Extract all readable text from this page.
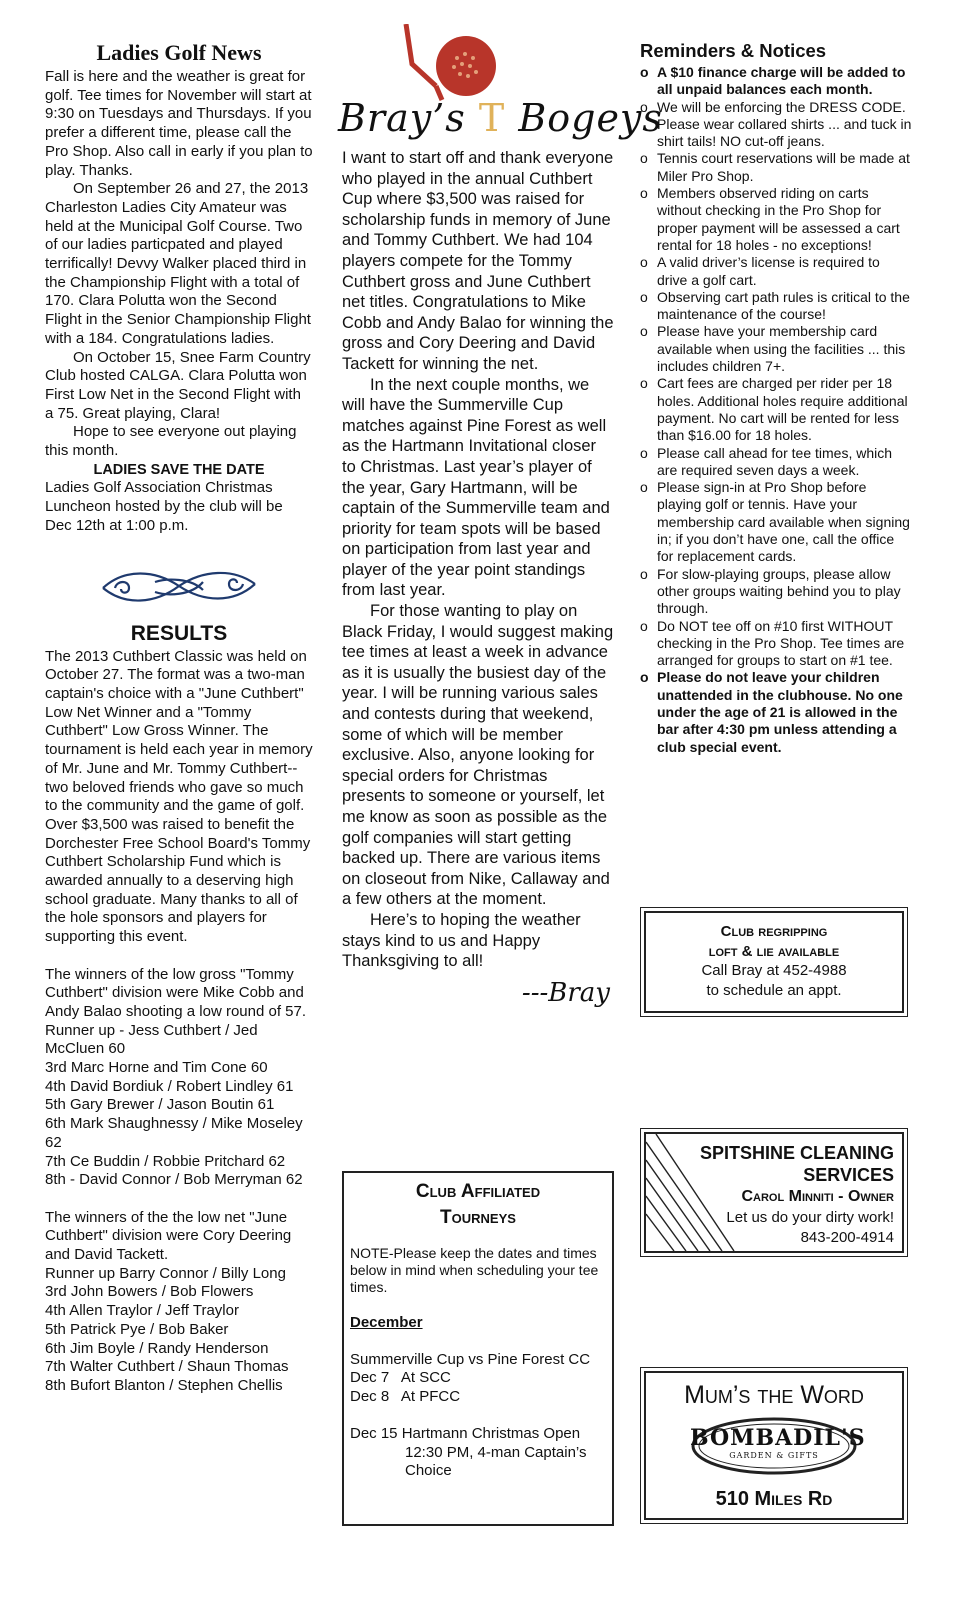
Ladies Golf News

Fall is here and the weather is great for golf. Tee times for November will start at 9:30 on Tuesdays and Thursdays. If you prefer a different time, please call the Pro Shop. Also call in early if you plan to play. Thanks.

On September 26 and 27, the 2013 Charleston Ladies City Amateur was held at the Municipal Golf Course. Two of our ladies particpated and played terrifically! Devvy Walker placed third in the Championship Flight with a total of 170. Clara Polutta won the Second Flight in the Senior Championship Flight with a 184. Congratulations ladies.

On October 15, Snee Farm Country Club hosted CALGA. Clara Polutta won First Low Net in the Second Flight with a 75. Great playing, Clara!

Hope to see everyone out playing this month.

LADIES SAVE THE DATE

Ladies Golf Association Christmas Luncheon hosted by the club will be Dec 12th at 1:00 p.m.

RESULTS

The 2013 Cuthbert Classic was held on October 27. The format was a two-man captain's choice with a "June Cuthbert" Low Net Winner and a "Tommy Cuthbert" Low Gross Winner. The tournament is held each year in memory of Mr. June and Mr. Tommy Cuthbert--two beloved friends who gave so much to the community and the game of golf. Over $3,500 was raised to benefit the Dorchester Free School Board's Tommy Cuthbert Scholarship Fund which is awarded annually to a deserving high school graduate. Many thanks to all of the hole sponsors and players for supporting this event.

The winners of the low gross "Tommy Cuthbert" division were Mike Cobb and Andy Balao shooting a low round of 57.

Runner up - Jess Cuthbert / Jed McCluen 60
3rd Marc Horne and Tim Cone 60
4th David Bordiuk / Robert Lindley 61
5th Gary Brewer / Jason Boutin 61
6th Mark Shaughnessy / Mike Moseley 62
7th Ce Buddin / Robbie Pritchard 62
8th - David Connor / Bob Merryman 62

The winners of the the low net "June Cuthbert" division were Cory Deering and David Tackett.

Runner up Barry Connor / Billy Long
3rd John Bowers / Bob Flowers
4th Allen Traylor / Jeff Traylor
5th Patrick Pye / Bob Baker
6th Jim Boyle / Randy Henderson
7th Walter Cuthbert / Shaun Thomas
8th Bufort Blanton / Stephen Chellis
Bray’s T Bogeys

I want to start off and thank everyone who played in the annual Cuthbert Cup where $3,500 was raised for scholarship funds in memory of June and Tommy Cuthbert. We had 104 players compete for the Tommy Cuthbert gross and June Cuthbert net titles. Congratulations to Mike Cobb and Andy Balao for winning the gross and Cory Deering and David Tackett for winning the net.

In the next couple months, we will have the Summerville Cup matches against Pine Forest as well as the Hartmann Invitational closer to Christmas. Last year’s player of the year, Gary Hartmann, will be captain of the Summerville team and priority for team spots will be based on participation from last year and player of the year point standings from last year.

For those wanting to play on Black Friday, I would suggest making tee times at least a week in advance as it is usually the busiest day of the year. I will be running various sales and contests during that weekend, some of which will be member exclusive. Also, anyone looking for special orders for Christmas presents to someone or yourself, let me know as soon as possible as the golf companies will start getting backed up. There are various items on closeout from Nike, Callaway and a few others at the moment.

Here’s to hoping the weather stays kind to us and Happy Thanksgiving to all!

---Bray
Club Affiliated
Tourneys

NOTE-Please keep the dates and times below in mind when scheduling your tee times.

December
Summerville Cup vs Pine Forest CC
Dec 7   At SCC
Dec 8   At PFCC
Dec 15 Hartmann Christmas Open
12:30 PM, 4-man Captain’s
Choice
Reminders & Notices
o A $10 finance charge will be added to all unpaid balances each month.
o We will be enforcing the DRESS CODE. Please wear collared shirts ... and tuck in shirt tails! NO cut-off jeans.
o Tennis court reservations will be made at Miler Pro Shop.
o Members observed riding on carts without checking in the Pro Shop for proper payment will be assessed a cart rental for 18 holes - no exceptions!
o A valid driver’s license is required to drive a golf cart.
o Observing cart path rules is critical to the maintenance of the course!
o Please have your membership card available when using the facilities ... this includes children 7+.
o Cart fees are charged per rider per 18 holes. Additional holes require additional payment. No cart will be rented for less than $16.00 for 18 holes.
o Please call ahead for tee times, which are required seven days a week.
o Please sign-in at Pro Shop before playing golf or tennis. Have your membership card available when signing in; if you don’t have one, call the office for replacement cards.
o For slow-playing groups, please allow other groups waiting behind you to play through.
o Do NOT tee off on #10 first WITHOUT checking in the Pro Shop. Tee times are arranged for groups to start on #1 tee.
o Please do not leave your children unattended in the clubhouse. No one under the age of 21 is allowed in the bar after 4:30 pm unless attending a club special event.
Club regripping
loft & lie available
Call Bray at 452-4988
to schedule an appt.
SPITSHINE CLEANING
SERVICES
Carol Minniti - Owner
Let us do your dirty work!
843-200-4914
Mum’s the Word
BOMBADIL'S
GARDEN & GIFTS
510 Miles Rd
